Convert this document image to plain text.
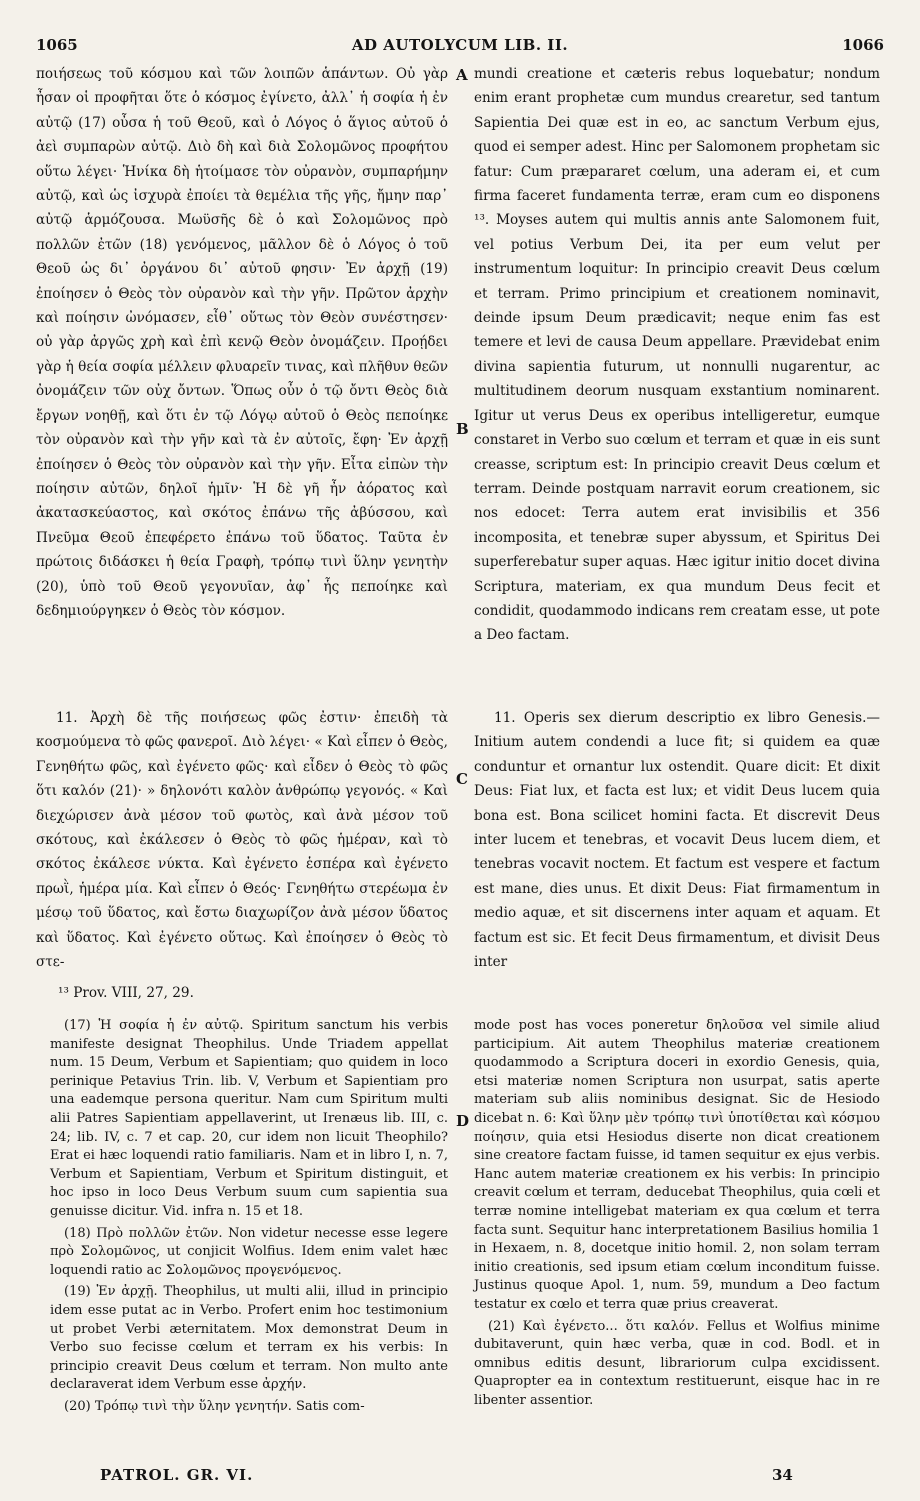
1065	AD AUTOLYCUM LIB. II.	1066

ποιήσεως τοῦ κόσμου καὶ τῶν λοιπῶν ἁπάντων. Οὐ γὰρ ἦσαν οἱ προφῆται ὅτε ὁ κόσμος ἐγίνετο, ἀλλ᾽ ἡ σοφία ἡ ἐν αὐτῷ (17) οὖσα ἡ τοῦ Θεοῦ, καὶ ὁ Λόγος ὁ ἅγιος αὐτοῦ ὁ ἀεὶ συμπαρὼν αὐτῷ. Διὸ δὴ καὶ διὰ Σολομῶνος προφήτου οὕτω λέγει· Ἡνίκα δὴ ἡτοίμασε τὸν οὐρανὸν, συμπαρήμην αὐτῷ, καὶ ὡς ἰσχυρὰ ἐποίει τὰ θεμέλια τῆς γῆς, ἤμην παρ᾽ αὐτῷ ἁρμόζουσα. Μωϋσῆς δὲ ὁ καὶ Σολομῶνος πρὸ πολλῶν ἐτῶν (18) γενόμενος, μᾶλλον δὲ ὁ Λόγος ὁ τοῦ Θεοῦ ὡς δι᾽ ὀργάνου δι᾽ αὐτοῦ φησιν· Ἐν ἀρχῇ (19) ἐποίησεν ὁ Θεὸς τὸν οὐρανὸν καὶ τὴν γῆν. Πρῶτον ἀρχὴν καὶ ποίησιν ὠνόμασεν, εἶθ᾽ οὕτως τὸν Θεὸν συνέστησεν· οὐ γὰρ ἀργῶς χρὴ καὶ ἐπὶ κενῷ Θεὸν ὀνομάζειν. Προῄδει γὰρ ἡ θεία σοφία μέλλειν φλυαρεῖν τινας, καὶ πλῆθυν θεῶν ὀνομάζειν τῶν οὐχ ὄντων. Ὅπως οὖν ὁ τῷ ὄντι Θεὸς διὰ ἔργων νοηθῇ, καὶ ὅτι ἐν τῷ Λόγῳ αὐτοῦ ὁ Θεὸς πεποίηκε τὸν οὐρανὸν καὶ τὴν γῆν καὶ τὰ ἐν αὐτοῖς, ἔφη· Ἐν ἀρχῇ ἐποίησεν ὁ Θεὸς τὸν οὐρανὸν καὶ τὴν γῆν. Εἶτα εἰπὼν τὴν ποίησιν αὐτῶν, δηλοῖ ἡμῖν· Ἡ δὲ γῆ ἦν ἀόρατος καὶ ἀκατασκεύαστος, καὶ σκότος ἐπάνω τῆς ἀβύσσου, καὶ Πνεῦμα Θεοῦ ἐπεφέρετο ἐπάνω τοῦ ὕδατος. Ταῦτα ἐν πρώτοις διδάσκει ἡ θεία Γραφὴ, τρόπῳ τινὶ ὕλην γενητὴν (20), ὑπὸ τοῦ Θεοῦ γεγονυῖαν, ἀφ᾽ ἧς πεποίηκε καὶ δεδημιούργηκεν ὁ Θεὸς τὸν κόσμον.

mundi creatione et cæteris rebus loquebatur; nondum enim erant prophetæ cum mundus crearetur, sed tantum Sapientia Dei quæ est in eo, ac sanctum Verbum ejus, quod ei semper adest. Hinc per Salomonem prophetam sic fatur: Cum præpararet cœlum, una aderam ei, et cum firma faceret fundamenta terræ, eram cum eo disponens ¹³. Moyses autem qui multis annis ante Salomonem fuit, vel potius Verbum Dei, ita per eum velut per instrumentum loquitur: In principio creavit Deus cœlum et terram. Primo principium et creationem nominavit, deinde ipsum Deum prædicavit; neque enim fas est temere et levi de causa Deum appellare. Prævidebat enim divina sapientia futurum, ut nonnulli nugarentur, ac multitudinem deorum nusquam exstantium nominarent. Igitur ut verus Deus ex operibus intelligeretur, eumque constaret in Verbo suo cœlum et terram et quæ in eis sunt creasse, scriptum est: In principio creavit Deus cœlum et terram. Deinde postquam narravit eorum creationem, sic nos edocet: Terra autem erat invisibilis et 356 incomposita, et tenebræ super abyssum, et Spiritus Dei superferebatur super aquas. Hæc igitur initio docet divina Scriptura, materiam, ex qua mundum Deus fecit et condidit, quodammodo indicans rem creatam esse, ut pote a Deo factam.

A
B
C
D

11. Ἀρχὴ δὲ τῆς ποιήσεως φῶς ἐστιν· ἐπειδὴ τὰ κοσμούμενα τὸ φῶς φανεροῖ. Διὸ λέγει· « Καὶ εἶπεν ὁ Θεὸς, Γενηθήτω φῶς, καὶ ἐγένετο φῶς· καὶ εἶδεν ὁ Θεὸς τὸ φῶς ὅτι καλόν (21)· » δηλονότι καλὸν ἀνθρώπῳ γεγονός. « Καὶ διεχώρισεν ἀνὰ μέσον τοῦ φωτὸς, καὶ ἀνὰ μέσον τοῦ σκότους, καὶ ἐκάλεσεν ὁ Θεὸς τὸ φῶς ἡμέραν, καὶ τὸ σκότος ἐκάλεσε νύκτα. Καὶ ἐγένετο ἑσπέρα καὶ ἐγένετο πρωῒ, ἡμέρα μία. Καὶ εἶπεν ὁ Θεός· Γενηθήτω στερέωμα ἐν μέσῳ τοῦ ὕδατος, καὶ ἔστω διαχωρίζον ἀνὰ μέσον ὕδατος καὶ ὕδατος. Καὶ ἐγένετο οὕτως. Καὶ ἐποίησεν ὁ Θεὸς τὸ στε-

11. Operis sex dierum descriptio ex libro Genesis.— Initium autem condendi a luce fit; si quidem ea quæ conduntur et ornantur lux ostendit. Quare dicit: Et dixit Deus: Fiat lux, et facta est lux; et vidit Deus lucem quia bona est. Bona scilicet homini facta. Et discrevit Deus inter lucem et tenebras, et vocavit Deus lucem diem, et tenebras vocavit noctem. Et factum est vespere et factum est mane, dies unus. Et dixit Deus: Fiat firmamentum in medio aquæ, et sit discernens inter aquam et aquam. Et factum est sic. Et fecit Deus firmamentum, et divisit Deus inter

¹³ Prov. VIII, 27, 29.

(17) Ἡ σοφία ἡ ἐν αὐτῷ. Spiritum sanctum his verbis manifeste designat Theophilus. Unde Triadem appellat num. 15 Deum, Verbum et Sapientiam; quo quidem in loco perinique Petavius Trin. lib. V, Verbum et Sapientiam pro una eademque persona queritur. Nam cum Spiritum multi alii Patres Sapientiam appellaverint, ut Irenæus lib. III, c. 24; lib. IV, c. 7 et cap. 20, cur idem non licuit Theophilo? Erat ei hæc loquendi ratio familiaris. Nam et in libro I, n. 7, Verbum et Sapientiam, Verbum et Spiritum distinguit, et hoc ipso in loco Deus Verbum suum cum sapientia sua genuisse dicitur. Vid. infra n. 15 et 18.

(18) Πρὸ πολλῶν ἐτῶν. Non videtur necesse esse legere πρὸ Σολομῶνος, ut conjicit Wolfius. Idem enim valet hæc loquendi ratio ac Σολομῶνος προγενόμενος.

(19) Ἐν ἀρχῇ. Theophilus, ut multi alii, illud in principio idem esse putat ac in Verbo. Profert enim hoc testimonium ut probet Verbi æternitatem. Mox demonstrat Deum in Verbo suo fecisse cœlum et terram ex his verbis: In principio creavit Deus cœlum et terram. Non multo ante declaraverat idem Verbum esse ἀρχήν.

(20) Τρόπῳ τινὶ τὴν ὕλην γενητήν. Satis com-

mode post has voces poneretur δηλοῦσα vel simile aliud participium. Ait autem Theophilus materiæ creationem quodammodo a Scriptura doceri in exordio Genesis, quia, etsi materiæ nomen Scriptura non usurpat, satis aperte materiam sub aliis nominibus designat. Sic de Hesiodo dicebat n. 6: Καὶ ὕλην μὲν τρόπῳ τινὶ ὑποτίθεται καὶ κόσμου ποίησιν, quia etsi Hesiodus diserte non dicat creationem sine creatore factam fuisse, id tamen sequitur ex ejus verbis. Hanc autem materiæ creationem ex his verbis: In principio creavit cœlum et terram, deducebat Theophilus, quia cœli et terræ nomine intelligebat materiam ex qua cœlum et terra facta sunt. Sequitur hanc interpretationem Basilius homilia 1 in Hexaem, n. 8, docetque initio homil. 2, non solam terram initio creationis, sed ipsum etiam cœlum inconditum fuisse. Justinus quoque Apol. 1, num. 59, mundum a Deo factum testatur ex cœlo et terra quæ prius creaverat.

(21) Καὶ ἐγένετο... ὅτι καλόν. Fellus et Wolfius minime dubitaverunt, quin hæc verba, quæ in cod. Bodl. et in omnibus editis desunt, librariorum culpa excidissent. Quapropter ea in contextum restituerunt, eisque hac in re libenter assentior.

PATROL. GR. VI.	34
